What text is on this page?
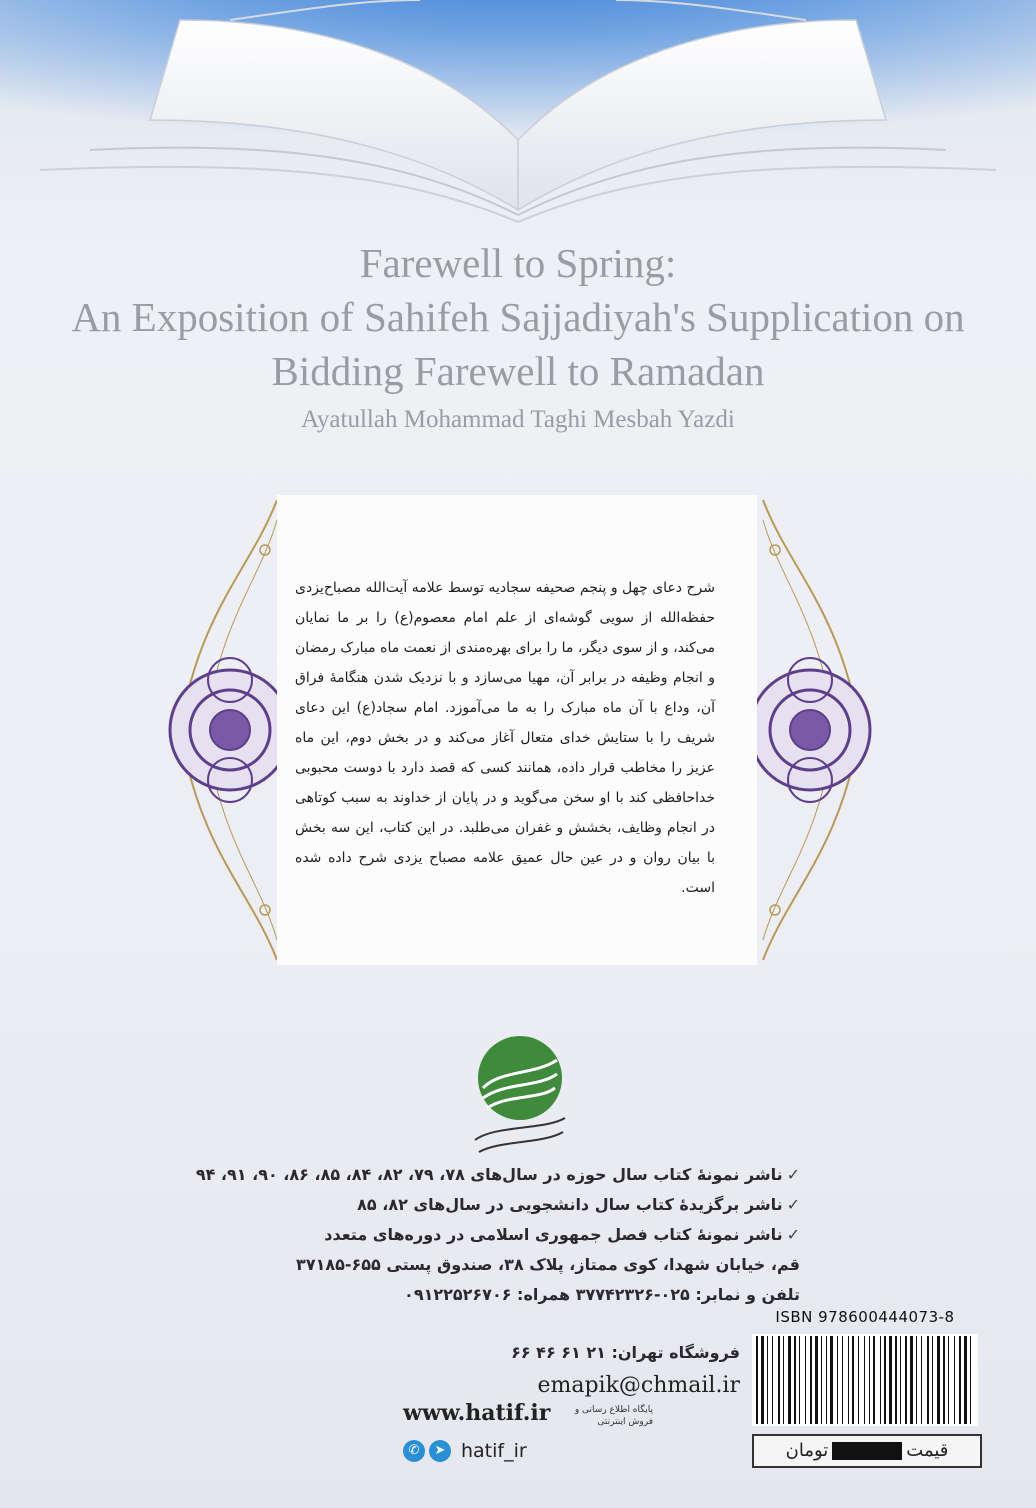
Farewell to Spring:
An Exposition of Sahifeh Sajjadiyah's Supplication on
Bidding Farewell to Ramadan
Ayatullah Mohammad Taghi Mesbah Yazdi
شرح دعای چهل و پنجم صحیفه سجادیه توسط علامه آیت‌الله مصباح‌یزدی حفظه‌الله از سویی گوشه‌ای از علم امام معصوم(ع) را بر ما نمایان می‌کند، و از سوی دیگر، ما را برای بهره‌مندی از نعمت ماه مبارک رمضان و انجام وظیفه در برابر آن، مهیا می‌سازد و با نزدیک شدن هنگامهٔ فراق آن، وداع با آن ماه مبارک را به ما می‌آموزد. امام سجاد(ع) این دعای شریف را با ستایش خدای متعال آغاز می‌کند و در بخش دوم، این ماه عزیز را مخاطب قرار داده، همانند کسی که قصد دارد با دوست محبوبی خداحافظی کند با او سخن می‌گوید و در پایان از خداوند به سبب کوتاهی در انجام وظایف، بخشش و غفران می‌طلبد. در این کتاب، این سه بخش با بیان روان و در عین حال عمیق علامه مصباح یزدی شرح داده شده است.
✓ناشر نمونهٔ کتاب سال حوزه در سال‌های ۷۸، ۷۹، ۸۲، ۸۴، ۸۵، ۸۶، ۹۰، ۹۱، ۹۴
✓ناشر برگزیدهٔ کتاب سال دانشجویی در سال‌های ۸۲، ۸۵
✓ناشر نمونهٔ کتاب فصل جمهوری اسلامی در دوره‌های متعدد
قم، خیابان شهدا، کوی ممتاز، پلاک ۳۸، صندوق پستی ۶۵۵-۳۷۱۸۵
تلفن و نمابر: ۰۲۵-۳۷۷۴۲۳۲۶ همراه: ۰۹۱۲۲۵۲۶۷۰۶
فروشگاه تهران: ۲۱ ۶۱ ۴۶ ۶۶
emapik@chmail.ir
www.hatif.ir	پایگاه اطلاع رسانی و فروش اینترنتی
✆ ➤ hatif_ir
ISBN 978600444073-8
قیمتتومان
